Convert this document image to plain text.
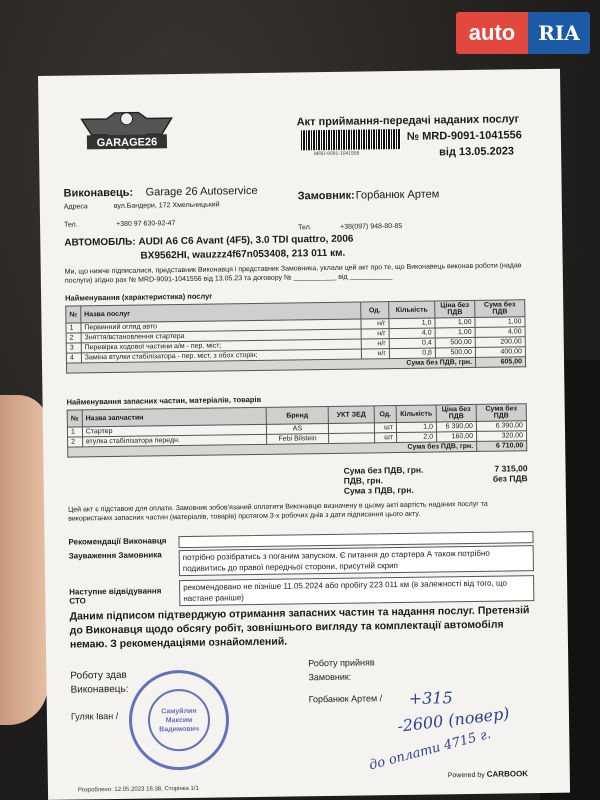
auto	RIA
GARAGE26
Акт приймання-передачі наданих послуг
MRD-9091-1041556
№ MRD-9091-1041556
від 13.05.2023
Виконавець: Garage 26 Autoservice
Адреса	вул.Бандери, 172 Хмельницький
Тел.	+380 97 630-92-47
Замовник: Горбанюк Артем
Тел.	+38(097) 948-80-85
АВТОМОБІЛЬ: AUDI A6 C6 Avant (4F5), 3.0 TDI quattro, 2006
BX9562HI, wauzzz4f67n053408, 213 011 км.
Ми, що нижче підписалися, представник Виконавця і представник Замовника, уклали цей акт про те, що Виконавець виконав роботи (надав послуги) згідно рах № MRD-9091-1041556 від 13.05.23 та договору № ___________ від ___________
Найменування (характеристика) послуг
№	Назва послуг	Од.	Кількість	Ціна без ПДВ	Сума без ПДВ
1	Первинний огляд авто	н/г	1,0	1,00	1,00
2	Зняття/встановлення стартера	н/г	4,0	1,00	4,00
3	Перевірка ходової частини а/м - пер. міст;	н/г	0,4	500,00	200,00
4	Заміна втулки стабілізатора - пер. міст, з обох сторін;	н/г	0,8	500,00	400,00
Сума без ПДВ, грн.					605,00
Найменування запасних частин, матеріалів, товарів
№	Назва запчастин	Бренд	УКТ ЗЕД	Од.	Кількість	Ціна без ПДВ	Сума без ПДВ
1	Стартер	AS		шт	1,0	6 390,00	6 390,00
2	втулка стабілізатора передн.	Febi Bilstein		шт	2,0	160,00	320,00
Сума без ПДВ, грн.							6 710,00
Сума без ПДВ, грн.	7 315,00
ПДВ, грн.	без ПДВ
Сума з ПДВ, грн.
Цей акт є підставою для оплати. Замовник зобов'язаний оплатити Виконавцю визначену в цьому акті вартість наданих послуг та використаних запасних частин (матеріалів, товарів) протягом 3-х робочих днів з дати підписання цього акту.
Рекомендації Виконавця
Зауваження Замовника	потрібно розібратись з поганим запуском. Є питання до стартера А також потрібно подивитись до правої передньої сторони, присутній скрип
Наступне відвідування СТО
рекомендовано не пізніше 11.05.2024 або пробігу 223 011 км (в залежності від того, що настане раніше)
Даним підписом підтверджую отримання запасних частин та надання послуг. Претензій до Виконавця щодо обсягу робіт, зовнішнього вигляду та комплектації автомобіля немаю. З рекомендаціями ознайомлений.
Роботу здав
Виконавець:
Гуляк Іван /
Роботу прийняв
Замовник:
Горбанюк Артем /
Самуйлин
Максим
Вадимович
+315
-2600 (повер)
до оплати 4715 г.
Powered by CARBOOK
Розроблено: 12.05.2023 16:38, Сторінка 1/1
